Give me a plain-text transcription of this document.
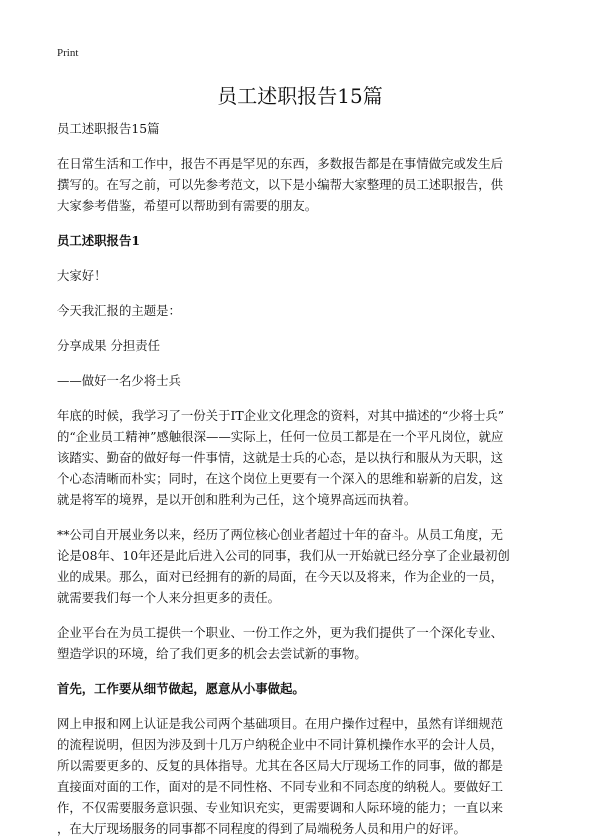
Print
员工述职报告15篇

员工述职报告15篇

在日常生活和工作中，报告不再是罕见的东西，多数报告都是在事情做完或发生后

撰写的。在写之前，可以先参考范文，以下是小编帮大家整理的员工述职报告，供

大家参考借鉴，希望可以帮助到有需要的朋友。

员工述职报告1

大家好！

今天我汇报的主题是：

分享成果 分担责任

——做好一名少将士兵

年底的时候，我学习了一份关于IT企业文化理念的资料，对其中描述的“少将士兵”

的“企业员工精神”感触很深——实际上，任何一位员工都是在一个平凡岗位，就应

该踏实、勤奋的做好每一件事情，这就是士兵的心态，是以执行和服从为天职，这

个心态清晰而朴实；同时，在这个岗位上更要有一个深入的思维和崭新的启发，这

就是将军的境界，是以开创和胜利为己任，这个境界高远而执着。

**公司自开展业务以来，经历了两位核心创业者超过十年的奋斗。从员工角度，无

论是08年、10年还是此后进入公司的同事，我们从一开始就已经分享了企业最初创

业的成果。那么，面对已经拥有的新的局面，在今天以及将来，作为企业的一员，

就需要我们每一个人来分担更多的责任。

企业平台在为员工提供一个职业、一份工作之外，更为我们提供了一个深化专业、

塑造学识的环境，给了我们更多的机会去尝试新的事物。

首先，工作要从细节做起，愿意从小事做起。

网上申报和网上认证是我公司两个基础项目。在用户操作过程中，虽然有详细规范

的流程说明，但因为涉及到十几万户纳税企业中不同计算机操作水平的会计人员，

所以需要更多的、反复的具体指导。尤其在各区局大厅现场工作的同事，做的都是

直接面对面的工作，面对的是不同性格、不同专业和不同态度的纳税人。要做好工

作，不仅需要服务意识强、专业知识充实，更需要调和人际环境的能力；一直以来

，在大厅现场服务的同事都不同程度的得到了局端税务人员和用户的好评。
